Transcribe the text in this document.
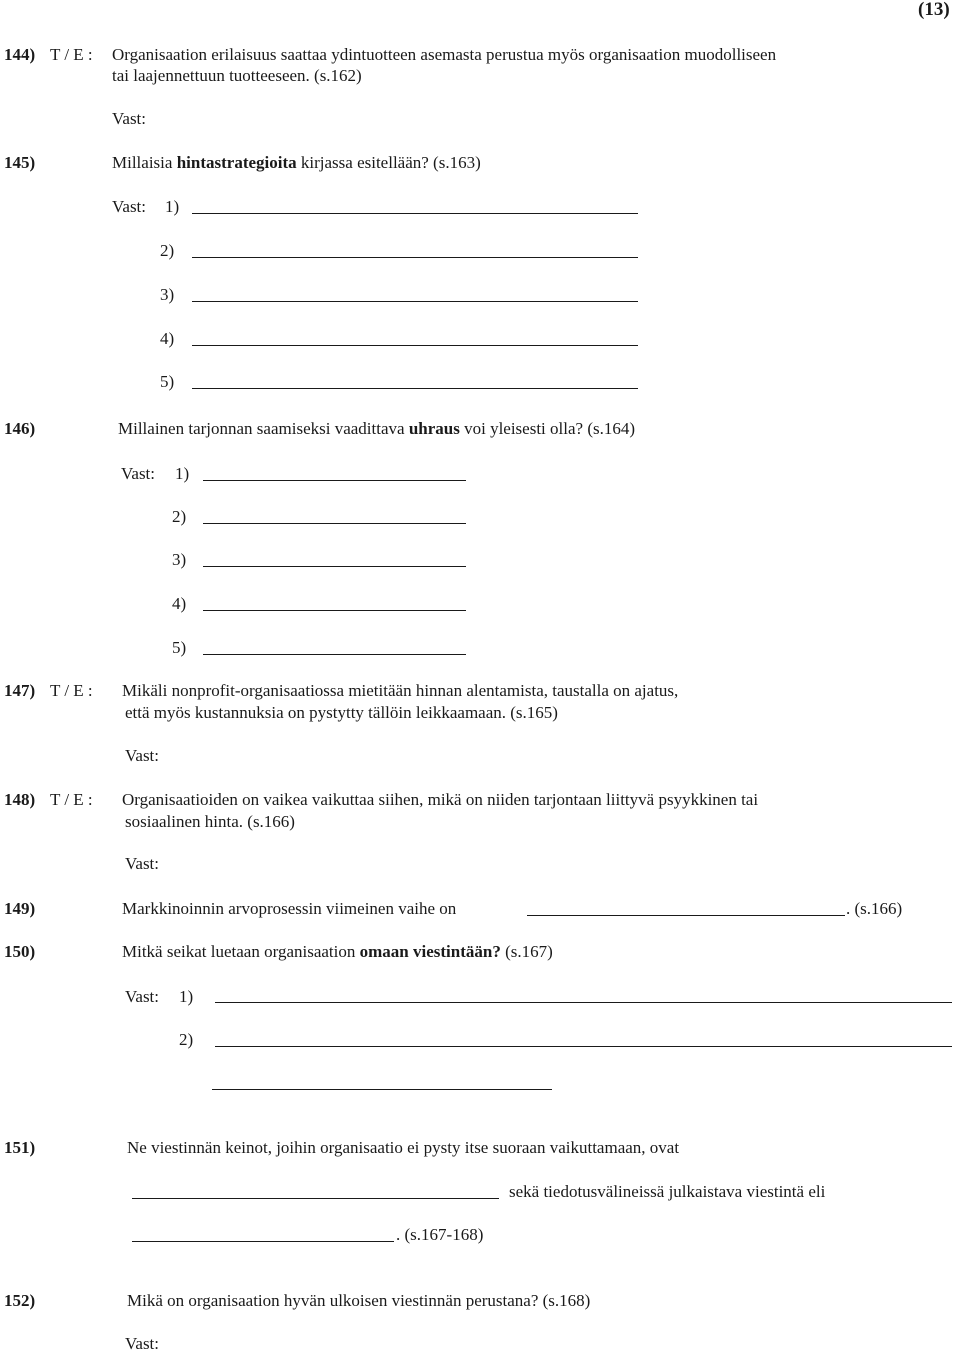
(13)
144) T / E : Organisaation erilaisuus saattaa ydintuotteen asemasta perustua myös organisaation muodolliseen
tai laajennettuun tuotteeseen. (s.162)
Vast:
145)	Millaisia hintastrategioita kirjassa esitellään? (s.163)
Vast: 1)
2)
3)
4)
5)
146)	Millainen tarjonnan saamiseksi vaadittava uhraus voi yleisesti olla? (s.164)
Vast: 1)
2)
3)
4)
5)
147) T / E : Mikäli nonprofit-organisaatiossa mietitään hinnan alentamista, taustalla on ajatus,
että myös kustannuksia on pystytty tällöin leikkaamaan. (s.165)
Vast:
148) T / E : Organisaatioiden on vaikea vaikuttaa siihen, mikä on niiden tarjontaan liittyvä psyykkinen tai
sosiaalinen hinta. (s.166)
Vast:
149)	Markkinoinnin arvoprosessin viimeinen vaihe on	. (s.166)
150)	Mitkä seikat luetaan organisaation omaan viestintään? (s.167)
Vast: 1)
2)
151)	Ne viestinnän keinot, joihin organisaatio ei pysty itse suoraan vaikuttamaan, ovat
sekä tiedotusvälineissä julkaistava viestintä eli
. (s.167-168)
152)	Mikä on organisaation hyvän ulkoisen viestinnän perustana? (s.168)
Vast:
